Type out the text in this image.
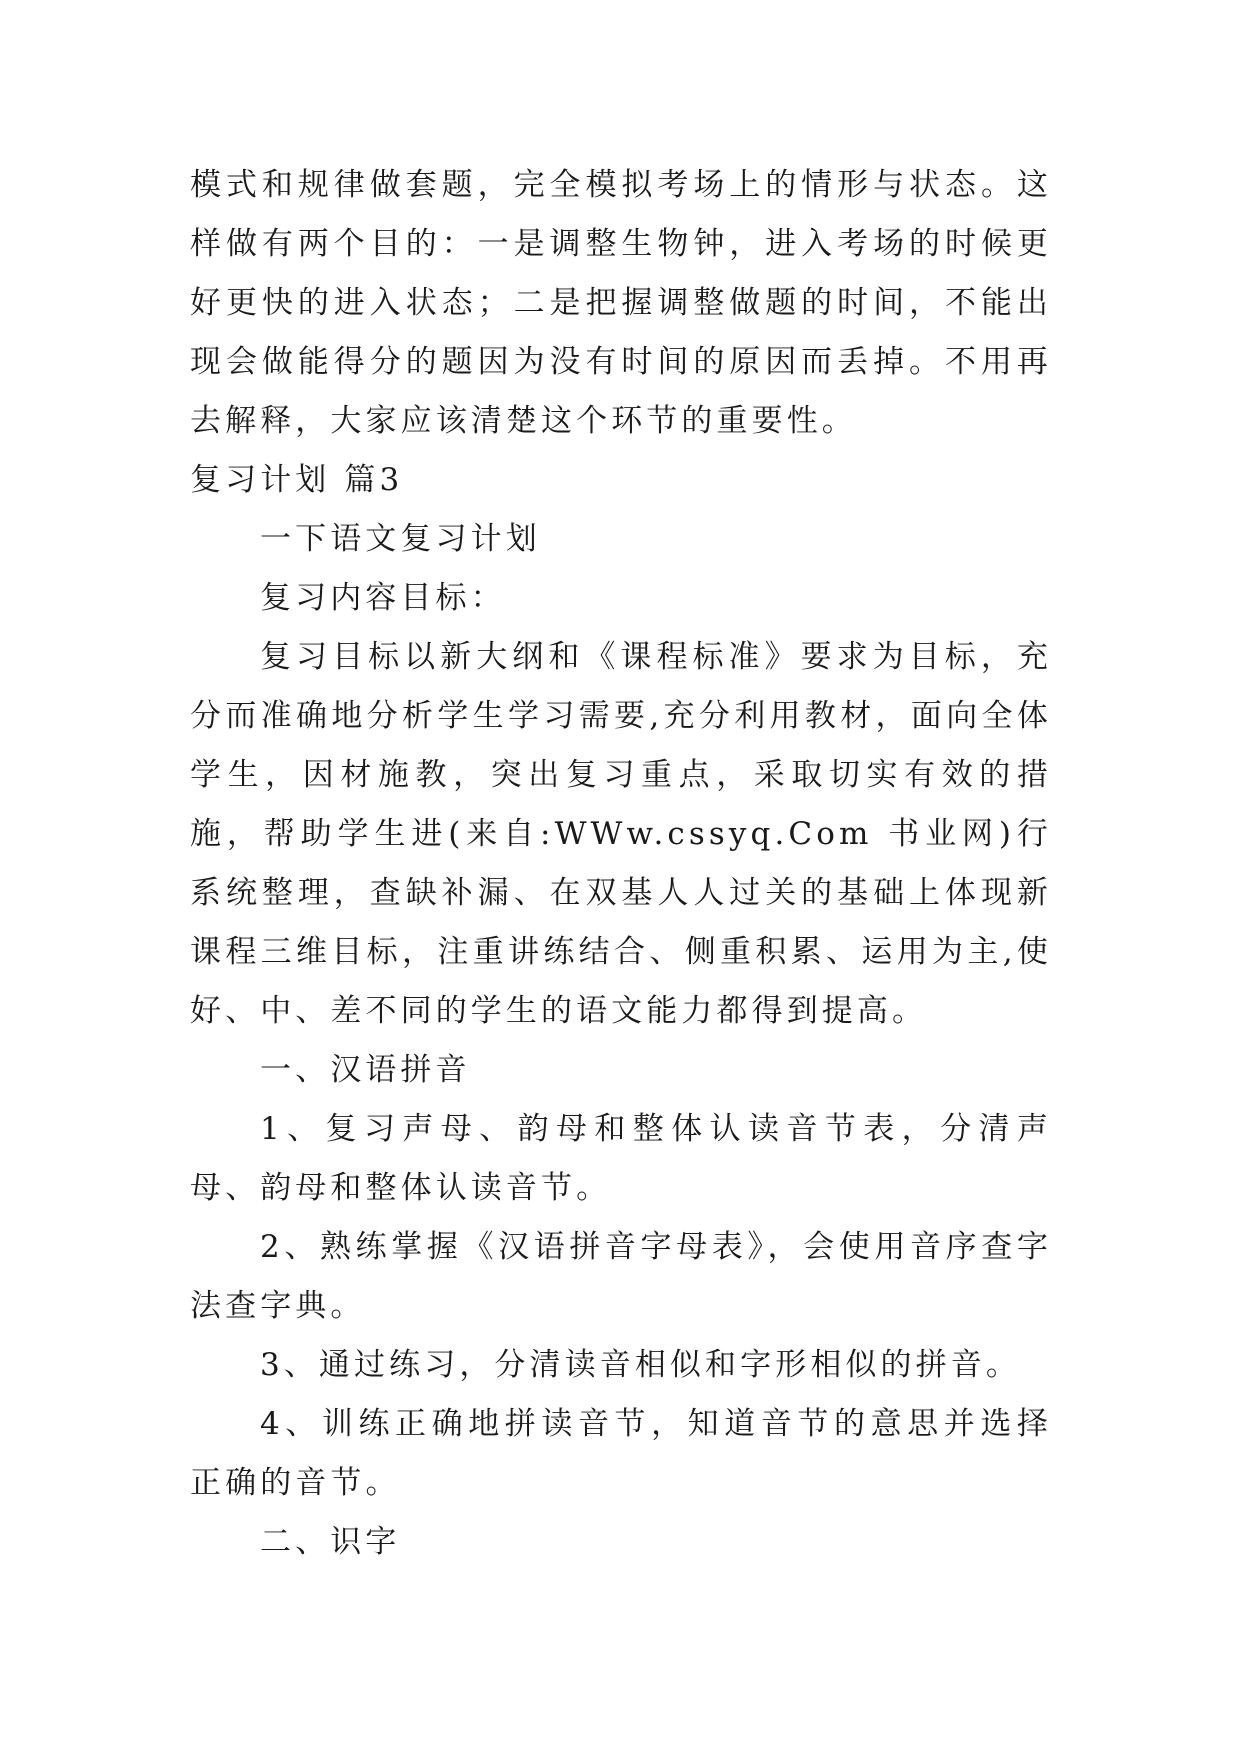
模式和规律做套题，完全模拟考场上的情形与状态。这样做有两个目的：一是调整生物钟，进入考场的时候更好更快的进入状态；二是把握调整做题的时间，不能出现会做能得分的题因为没有时间的原因而丢掉。不用再去解释，大家应该清楚这个环节的重要性。

复习计划 篇3

一下语文复习计划

复习内容目标：

复习目标以新大纲和《课程标准》要求为目标，充分而准确地分析学生学习需要,充分利用教材，面向全体学生，因材施教，突出复习重点，采取切实有效的措施，帮助学生进(来自:WWw.cssyq.Com 书业网)行系统整理，查缺补漏、在双基人人过关的基础上体现新课程三维目标，注重讲练结合、侧重积累、运用为主,使好、中、差不同的学生的语文能力都得到提高。

一、汉语拼音

1、复习声母、韵母和整体认读音节表，分清声母、韵母和整体认读音节。

2、熟练掌握《汉语拼音字母表》，会使用音序查字法查字典。

3、通过练习，分清读音相似和字形相似的拼音。

4、训练正确地拼读音节，知道音节的意思并选择正确的音节。

二、识字
